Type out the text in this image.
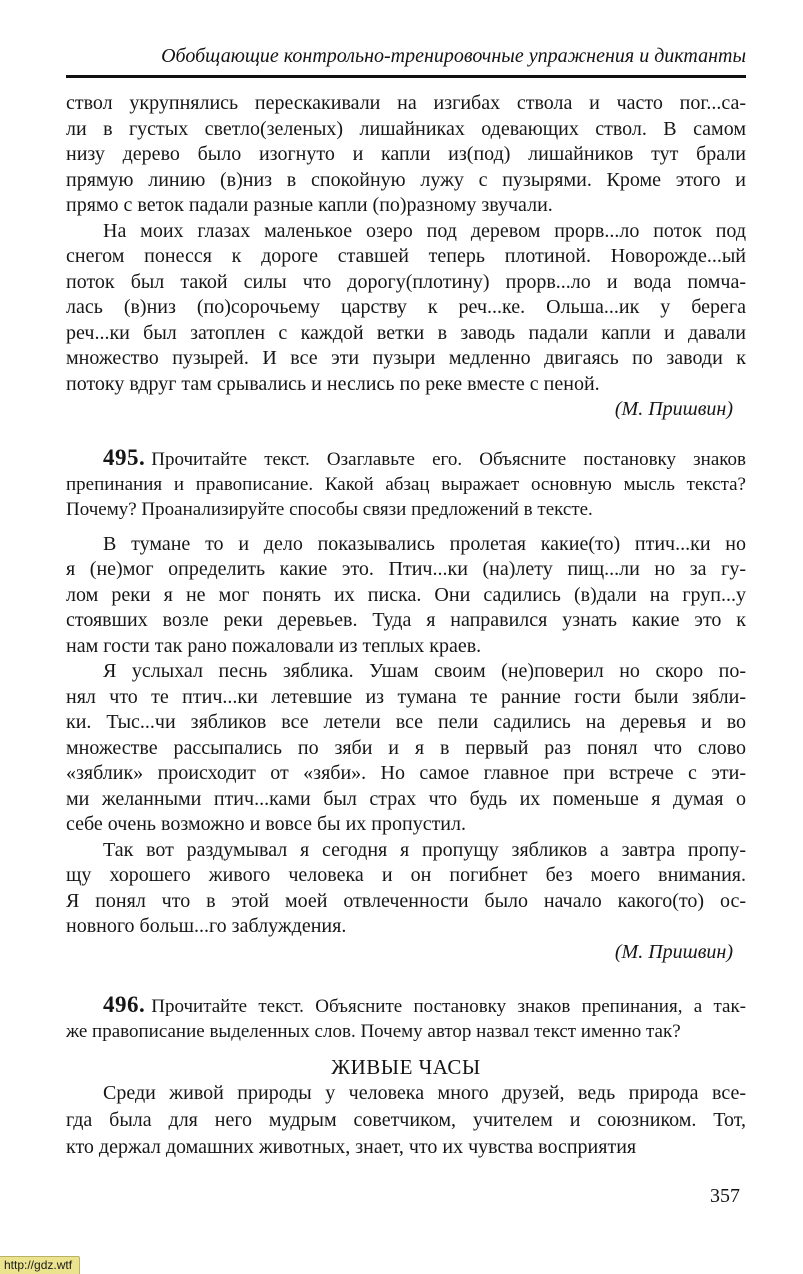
Обобщающие контрольно-тренировочные упражнения и диктанты
ствол укрупнялись перескакивали на изгибах ствола и часто пог...са-
ли в густых светло(зеленых) лишайниках одевающих ствол. В самом
низу дерево было изогнуто и капли из(под) лишайников тут брали
прямую линию (в)низ в спокойную лужу с пузырями. Кроме этого и
прямо с веток падали разные капли (по)разному звучали.
На моих глазах маленькое озеро под деревом прорв...ло поток под
снегом понесся к дороге ставшей теперь плотиной. Новорожде...ый
поток был такой силы что дорогу(плотину) прорв...ло и вода помча-
лась (в)низ (по)сорочьему царству к реч...ке. Ольша...ик у берега
реч...ки был затоплен с каждой ветки в заводь падали капли и давали
множество пузырей. И все эти пузыри медленно двигаясь по заводи к
потоку вдруг там срывались и неслись по реке вместе с пеной.
(М. Пришвин)
495. Прочитайте текст. Озаглавьте его. Объясните постановку знаков
препинания и правописание. Какой абзац выражает основную мысль текста?
Почему? Проанализируйте способы связи предложений в тексте.
В тумане то и дело показывались пролетая какие(то) птич...ки но
я (не)мог определить какие это. Птич...ки (на)лету пищ...ли но за гу-
лом реки я не мог понять их писка. Они садились (в)дали на груп...у
стоявших возле реки деревьев. Туда я направился узнать какие это к
нам гости так рано пожаловали из теплых краев.
Я услыхал песнь зяблика. Ушам своим (не)поверил но скоро по-
нял что те птич...ки летевшие из тумана те ранние гости были зябли-
ки. Тыс...чи зябликов все летели все пели садились на деревья и во
множестве рассыпались по зяби и я в первый раз понял что слово
«зяблик» происходит от «зяби». Но самое главное при встрече с эти-
ми желанными птич...ками был страх что будь их поменьше я думая о
себе очень возможно и вовсе бы их пропустил.
Так вот раздумывал я сегодня я пропущу зябликов а завтра пропу-
щу хорошего живого человека и он погибнет без моего внимания.
Я понял что в этой моей отвлеченности было начало какого(то) ос-
новного больш...го заблуждения.
(М. Пришвин)
496. Прочитайте текст. Объясните постановку знаков препинания, а так-
же правописание выделенных слов. Почему автор назвал текст именно так?
ЖИВЫЕ ЧАСЫ
Среди живой природы у человека много друзей, ведь природа все-
гда была для него мудрым советчиком, учителем и союзником. Тот,
кто держал домашних животных, знает, что их чувства восприятия
357
http://gdz.wtf
